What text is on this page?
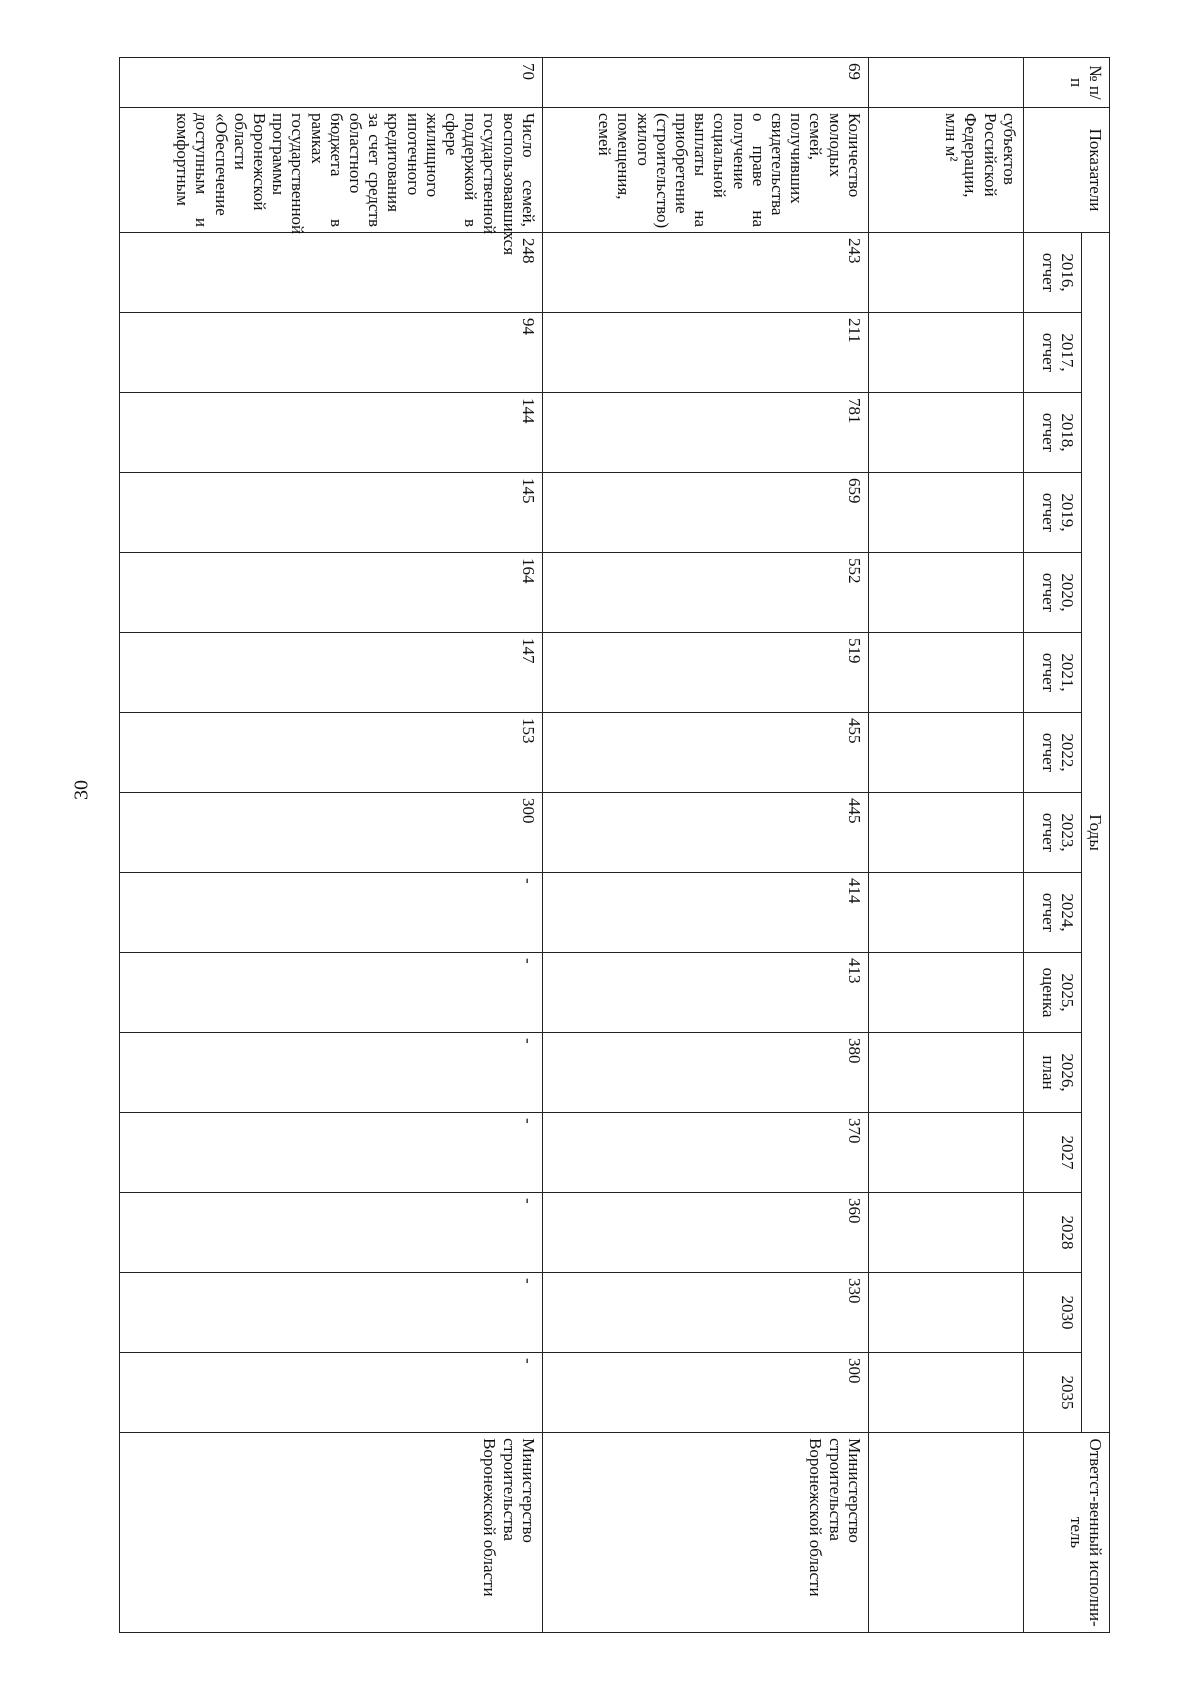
30
№ п/п	Показатели	Годы															Ответст-венный исполни-тель
		2016, отчет	2017, отчет	2018, отчет	2019, отчет	2020, отчет	2021, отчет	2022, отчет	2023, отчет	2024, отчет	2025, оценка	2026, план	2027	2028	2030	2035	
	субъектов Российской Федерации, млн м²																
69	Количество молодых семей, получивших свидетельства о праве на получение социальной выплаты на приобретение (строительство) жилого помещения, семей	243	211	781	659	552	519	455	445	414	413	380	370	360	330	300	Министерство строительства Воронежской области
70	Число семей, воспользовавшихся государственной поддержкой в сфере жилищного ипотечного кредитования за счет средств областного бюджета в рамках государственной программы Воронежской области «Обеспечение доступным и комфортным	248	94	144	145	164	147	153	300	-	-	-	-	-	-	-	Министерство строительства Воронежской области
